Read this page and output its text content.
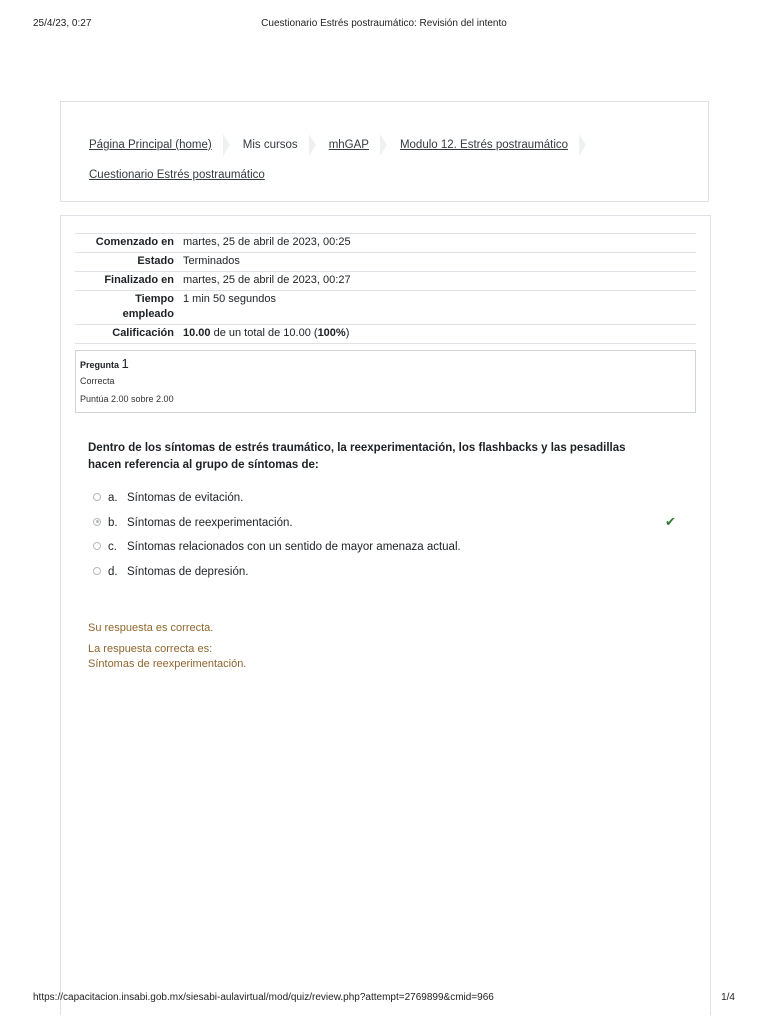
25/4/23, 0:27	Cuestionario Estrés postraumático: Revisión del intento
Página Principal (home)	Mis cursos	mhGAP	Modulo 12. Estrés postraumático
Cuestionario Estrés postraumático
Comenzado en	martes, 25 de abril de 2023, 00:25
Estado	Terminados
Finalizado en	martes, 25 de abril de 2023, 00:27
Tiempo
empleado	1 min 50 segundos
Calificación	10.00 de un total de 10.00 (100%)
Pregunta 1
Correcta
Puntúa 2.00 sobre 2.00
Dentro de los síntomas de estrés traumático, la reexperimentación, los flashbacks y las pesadillas hacen referencia al grupo de síntomas de:
a. Síntomas de evitación.
b. Síntomas de reexperimentación.	✔
c. Síntomas relacionados con un sentido de mayor amenaza actual.
d. Síntomas de depresión.
Su respuesta es correcta.
La respuesta correcta es:
Síntomas de reexperimentación.
https://capacitacion.insabi.gob.mx/siesabi-aulavirtual/mod/quiz/review.php?attempt=2769899&cmid=966	1/4
